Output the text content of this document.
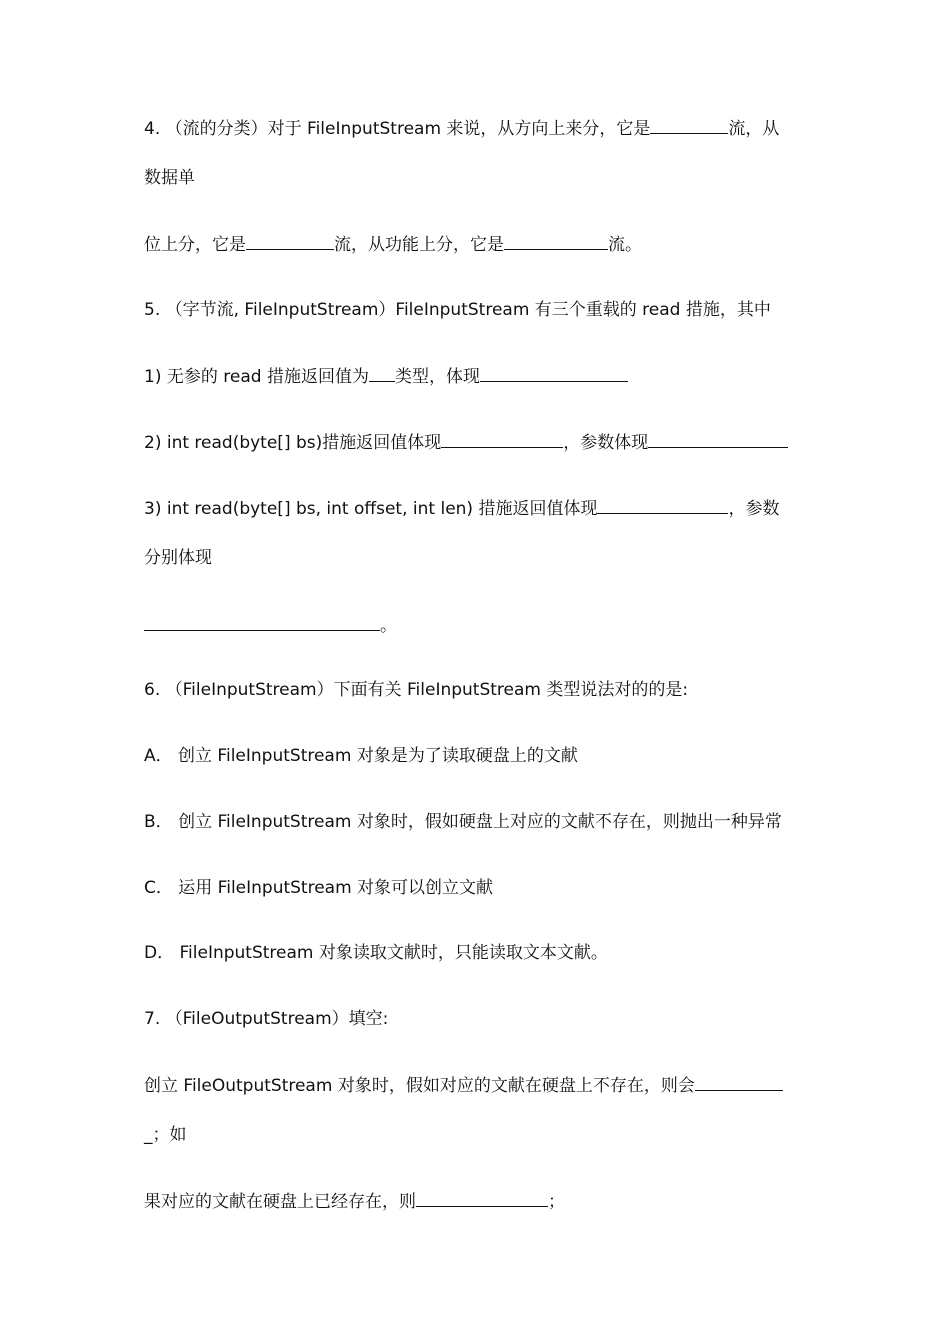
4. （流的分类）对于 FileInputStream 来说，从方向上来分，它是	流，从
数据单
位上分，它是	流，从功能上分，它是	流。
5. （字节流, FileInputStream）FileInputStream 有三个重载的 read 措施，其中
1) 无参的 read 措施返回值为 类型，体现
2) int read(byte[] bs)措施返回值体现	，参数体现
3) int read(byte[] bs, int offset, int len) 措施返回值体现	，参数
分别体现
。
6. （FileInputStream）下面有关 FileInputStream 类型说法对的的是:
A． 创立 FileInputStream 对象是为了读取硬盘上的文献
B． 创立 FileInputStream 对象时，假如硬盘上对应的文献不存在，则抛出一种异常
C． 运用 FileInputStream 对象可以创立文献
D． FileInputStream 对象读取文献时，只能读取文本文献。
7. （FileOutputStream）填空:
创立 FileOutputStream 对象时，假如对应的文献在硬盘上不存在，则会
_；如
果对应的文献在硬盘上已经存在，则	；
